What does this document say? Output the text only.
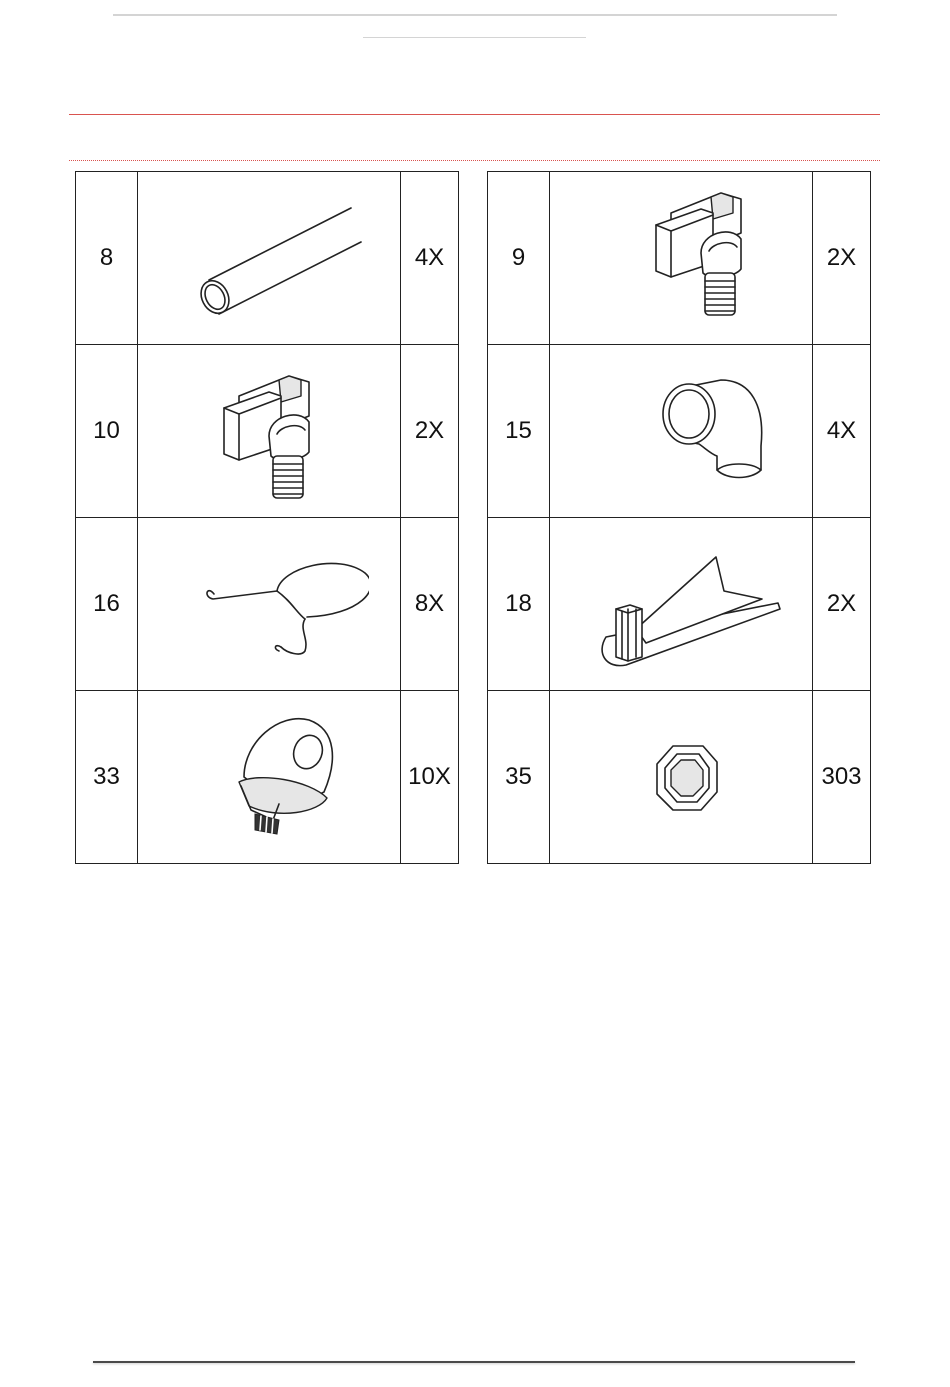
8		4X
10		2X
16		8X
33		10X
9		2X
15		4X
18		2X
35		303
